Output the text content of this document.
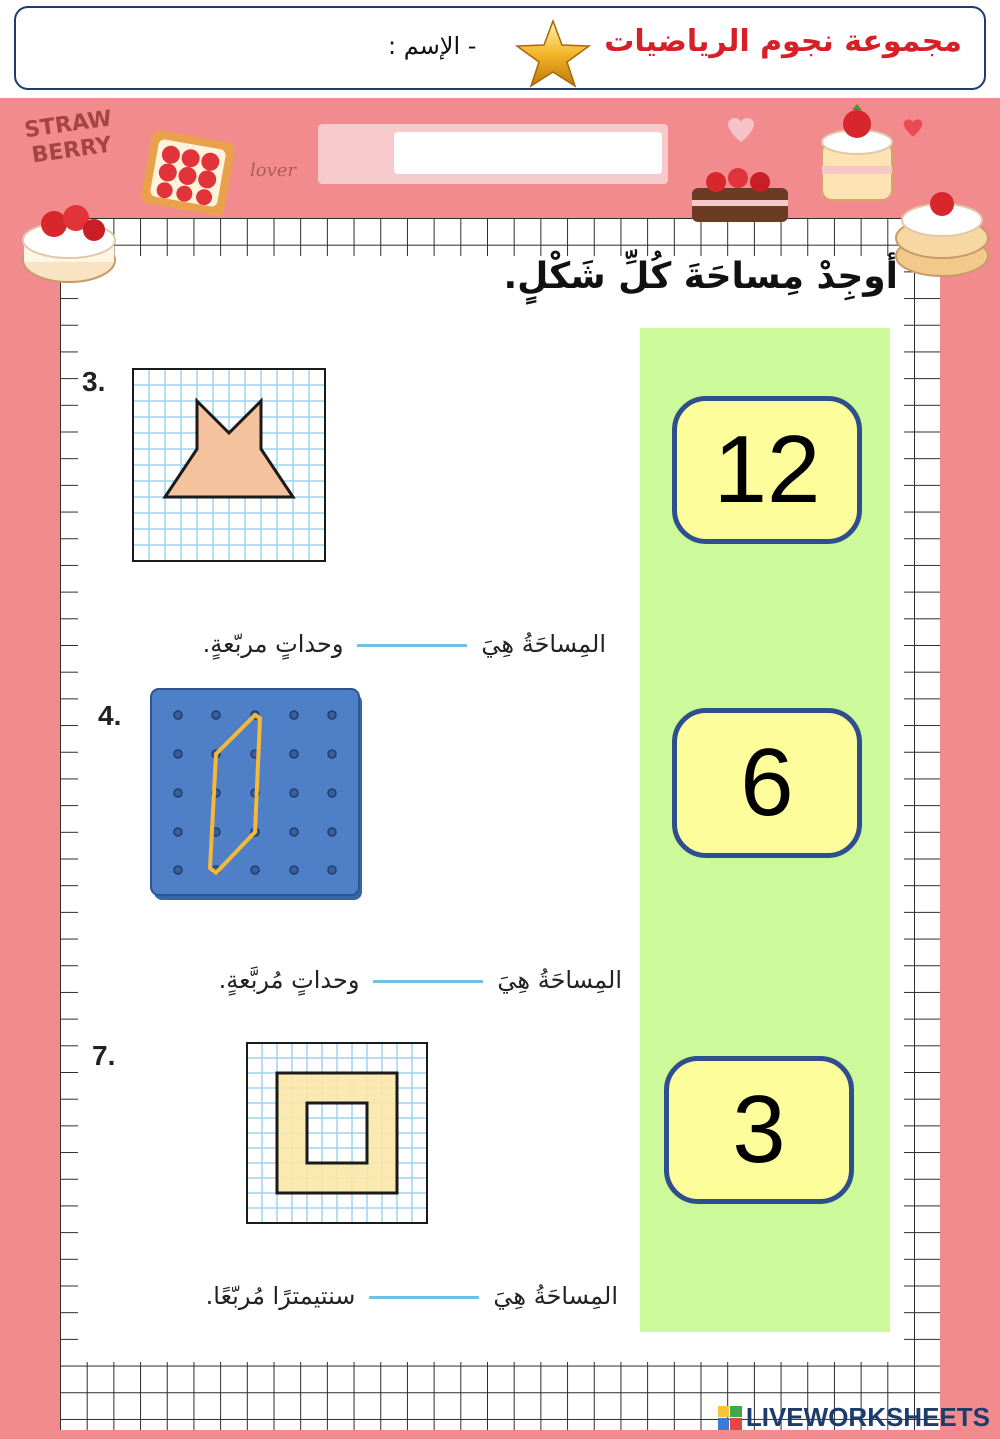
مجموعة نجوم الرياضيات
- الإسم :
STRAW
BERRY
lover
أوجِدْ مِساحَةَ كُلِّ شَكْلٍ.
12
6
3
3.
المِساحَةُ هِيَوحداتٍ مربّعةٍ.
4.
المِساحَةُ هِيَوحداتٍ مُربَّعةٍ.
7.
المِساحَةُ هِيَسنتيمترًا مُربّعًا.
LIVEWORKSHEETS
